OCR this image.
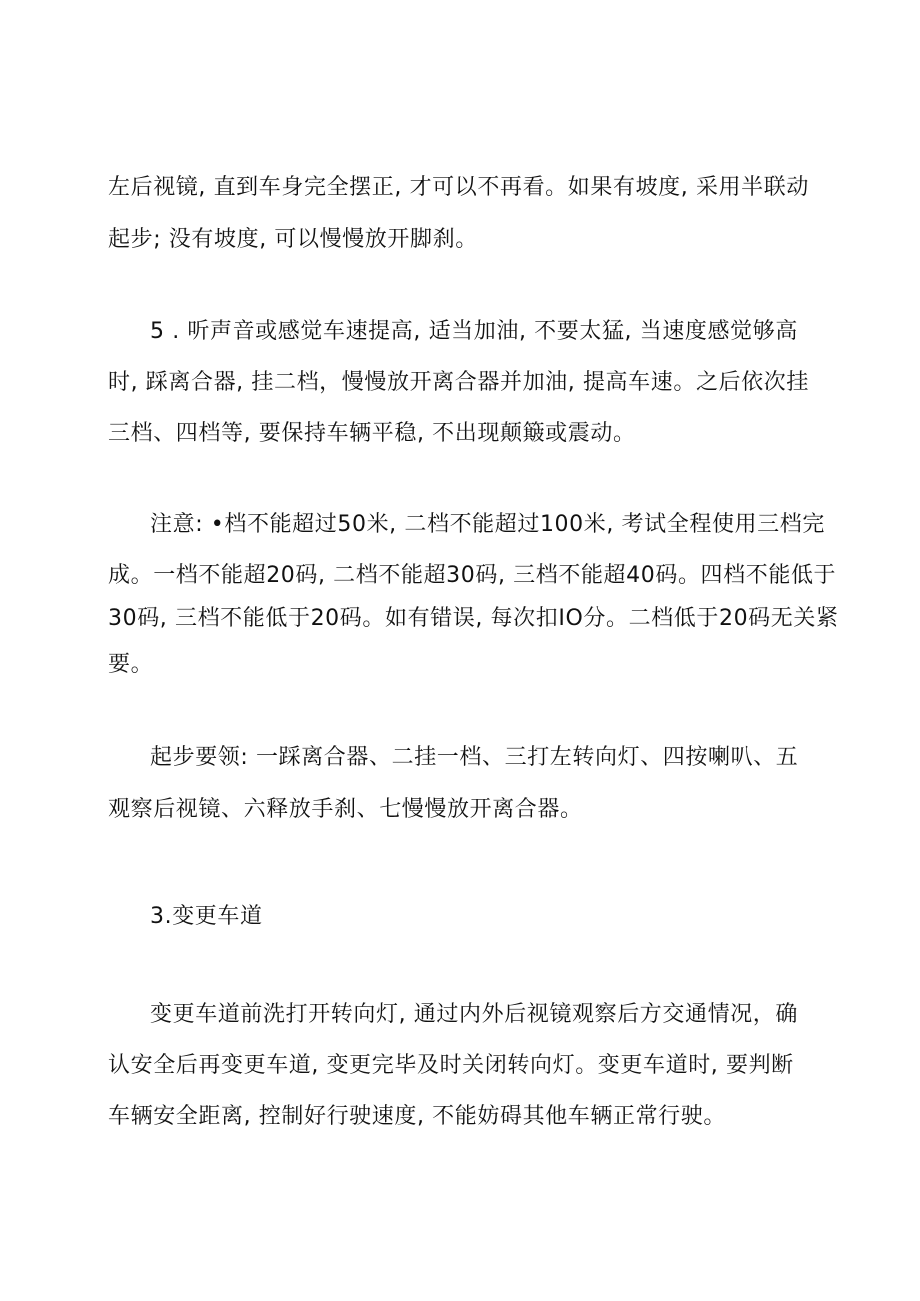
左后视镜, 直到车身完全摆正, 才可以不再看。如果有坡度, 采用半联动
起步; 没有坡度, 可以慢慢放开脚刹。
5 . 听声音或感觉车速提高, 适当加油, 不要太猛, 当速度感觉够高
时, 踩离合器, 挂二档，慢慢放开离合器并加油, 提高车速。之后依次挂
三档、四档等, 要保持车辆平稳, 不出现颠簸或震动。
注意: •档不能超过50米, 二档不能超过100米, 考试全程使用三档完
成。一档不能超20码, 二档不能超30码, 三档不能超40码。四档不能低于
30码, 三档不能低于20码。如有错误, 每次扣IO分。二档低于20码无关紧
要。
起步要领: 一踩离合器、二挂一档、三打左转向灯、四按喇叭、五
观察后视镜、六释放手刹、七慢慢放开离合器。
3.变更车道
变更车道前洗打开转向灯, 通过内外后视镜观察后方交通情况，确
认安全后再变更车道, 变更完毕及时关闭转向灯。变更车道时, 要判断
车辆安全距离, 控制好行驶速度, 不能妨碍其他车辆正常行驶。
